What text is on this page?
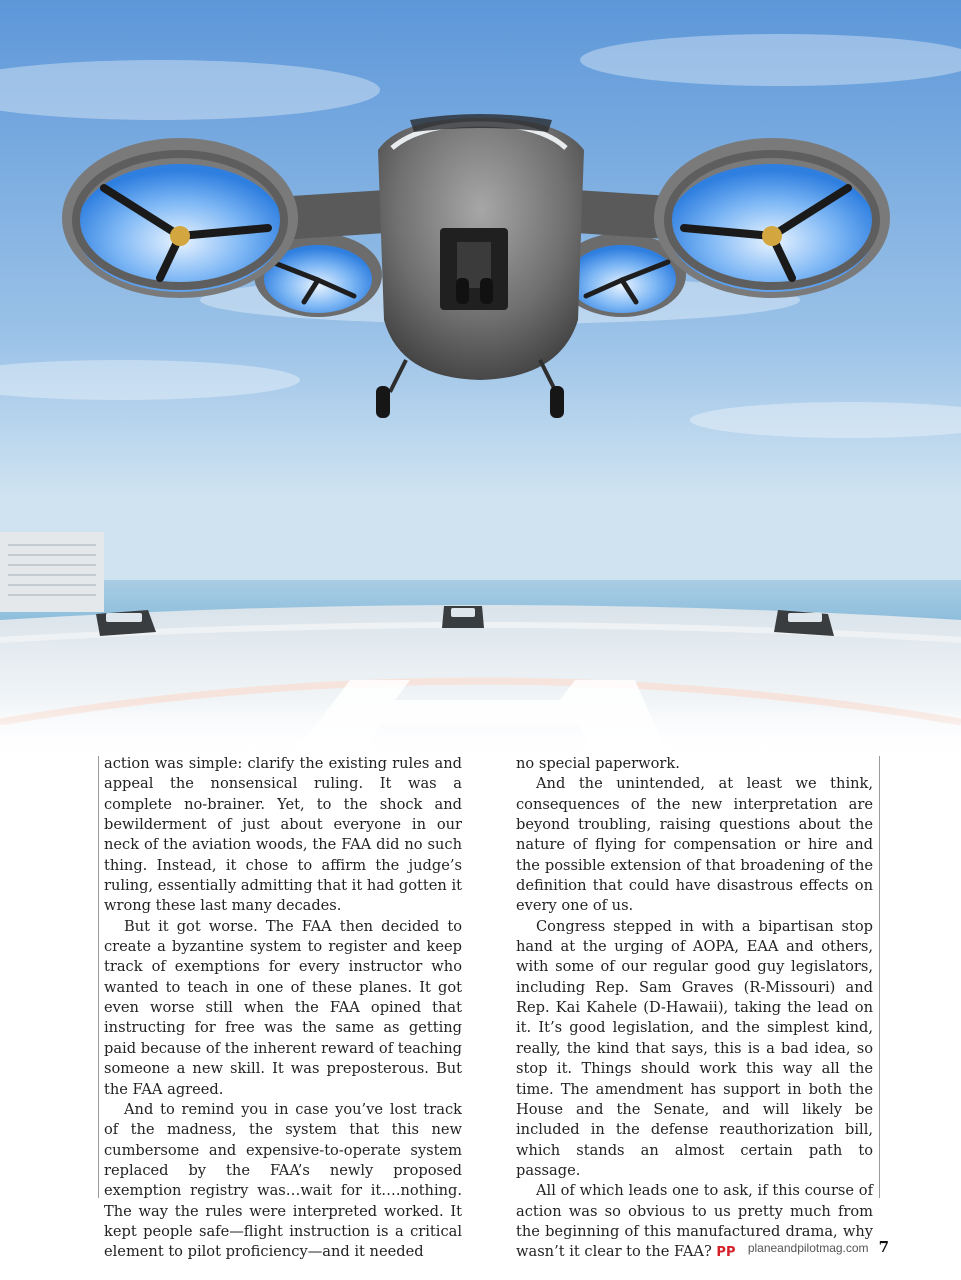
action was simple: clarify the existing rules and appeal the nonsensical ruling. It was a complete no-brainer. Yet, to the shock and bewilderment of just about everyone in our neck of the aviation woods, the FAA did no such thing. Instead, it chose to affirm the judge’s ruling, essentially admitting that it had gotten it wrong these last many decades.

But it got worse. The FAA then decided to create a byzantine system to register and keep track of exemptions for every instructor who wanted to teach in one of these planes. It got even worse still when the FAA opined that instructing for free was the same as getting paid because of the inherent reward of teaching someone a new skill. It was preposterous. But the FAA agreed.

And to remind you in case you’ve lost track of the madness, the system that this new cumbersome and expensive-to-operate system replaced by the FAA’s newly proposed exemption registry was…wait for it….nothing. The way the rules were interpreted worked. It kept people safe—flight instruction is a critical element to pilot proficiency—and it needed

no special paperwork.

And the unintended, at least we think, consequences of the new interpretation are beyond troubling, raising questions about the nature of flying for compensation or hire and the possible extension of that broadening of the definition that could have disastrous effects on every one of us.

Congress stepped in with a bipartisan stop hand at the urging of AOPA, EAA and others, with some of our regular good guy legislators, including Rep. Sam Graves (R-Missouri) and Rep. Kai Kahele (D-Hawaii), taking the lead on it. It’s good legislation, and the simplest kind, really, the kind that says, this is a bad idea, so stop it. Things should work this way all the time. The amendment has support in both the House and the Senate, and will likely be included in the defense reauthorization bill, which stands an almost certain path to passage.

All of which leads one to ask, if this course of action was so obvious to us pretty much from the beginning of this manufactured drama, why wasn’t it clear to the FAA? PP	planeandpilotmag.com 7
